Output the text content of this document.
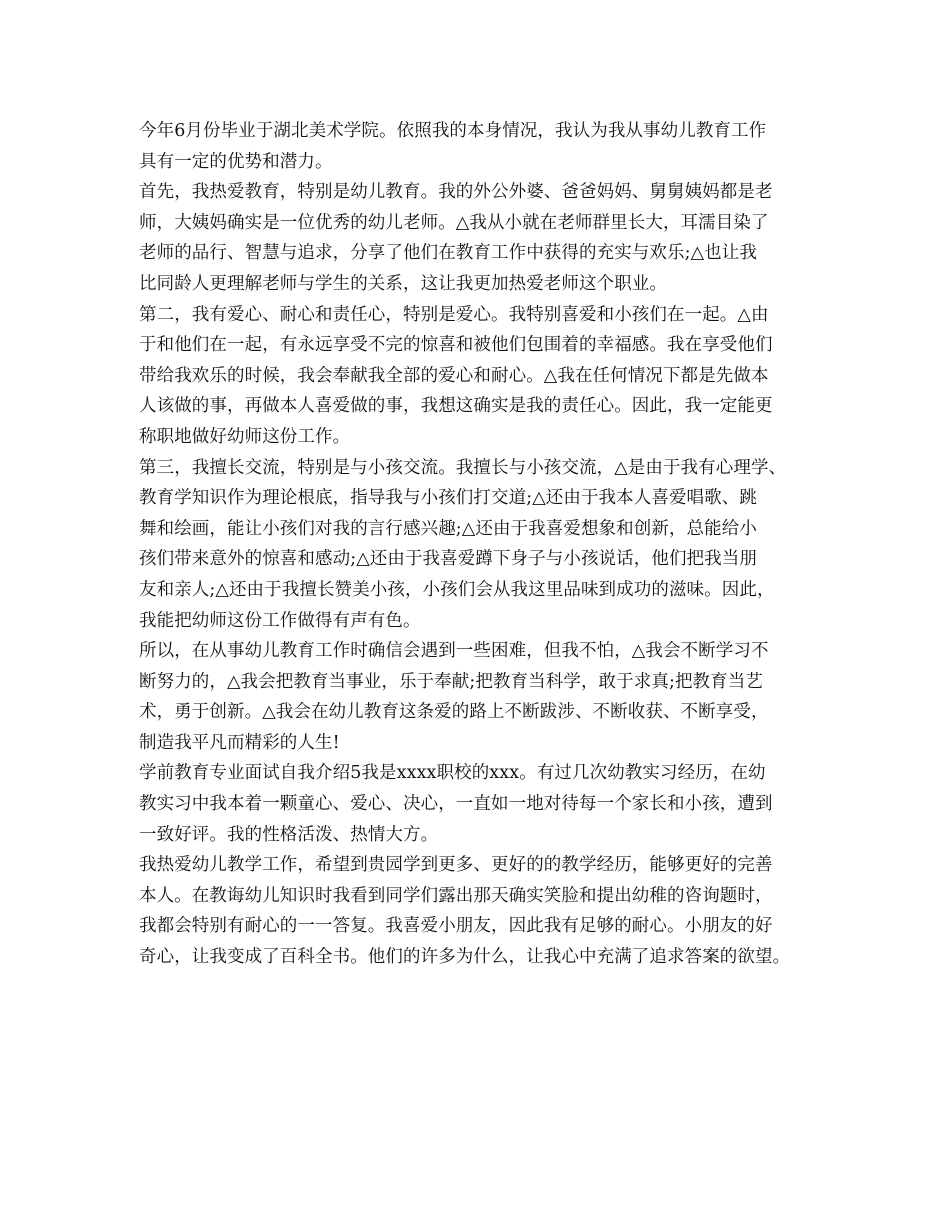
今年6月份毕业于湖北美术学院。依照我的本身情况，我认为我从事幼儿教育工作
具有一定的优势和潜力。
首先，我热爱教育，特别是幼儿教育。我的外公外婆、爸爸妈妈、舅舅姨妈都是老
师，大姨妈确实是一位优秀的幼儿老师。△我从小就在老师群里长大，耳濡目染了
老师的品行、智慧与追求，分享了他们在教育工作中获得的充实与欢乐;△也让我
比同龄人更理解老师与学生的关系，这让我更加热爱老师这个职业。
第二，我有爱心、耐心和责任心，特别是爱心。我特别喜爱和小孩们在一起。△由
于和他们在一起，有永远享受不完的惊喜和被他们包围着的幸福感。我在享受他们
带给我欢乐的时候，我会奉献我全部的爱心和耐心。△我在任何情况下都是先做本
人该做的事，再做本人喜爱做的事，我想这确实是我的责任心。因此，我一定能更
称职地做好幼师这份工作。
第三，我擅长交流，特别是与小孩交流。我擅长与小孩交流，△是由于我有心理学、
教育学知识作为理论根底，指导我与小孩们打交道;△还由于我本人喜爱唱歌、跳
舞和绘画，能让小孩们对我的言行感兴趣;△还由于我喜爱想象和创新，总能给小
孩们带来意外的惊喜和感动;△还由于我喜爱蹲下身子与小孩说话，他们把我当朋
友和亲人;△还由于我擅长赞美小孩，小孩们会从我这里品味到成功的滋味。因此，
我能把幼师这份工作做得有声有色。
所以，在从事幼儿教育工作时确信会遇到一些困难，但我不怕，△我会不断学习不
断努力的，△我会把教育当事业，乐于奉献;把教育当科学，敢于求真;把教育当艺
术，勇于创新。△我会在幼儿教育这条爱的路上不断跋涉、不断收获、不断享受，
制造我平凡而精彩的人生!
学前教育专业面试自我介绍5我是xxxx职校的xxx。有过几次幼教实习经历，在幼
教实习中我本着一颗童心、爱心、决心，一直如一地对待每一个家长和小孩，遭到
一致好评。我的性格活泼、热情大方。
我热爱幼儿教学工作，希望到贵园学到更多、更好的的教学经历，能够更好的完善
本人。在教诲幼儿知识时我看到同学们露出那天确实笑脸和提出幼稚的咨询题时，
我都会特别有耐心的一一答复。我喜爱小朋友，因此我有足够的耐心。小朋友的好
奇心，让我变成了百科全书。他们的许多为什么，让我心中充满了追求答案的欲望。
